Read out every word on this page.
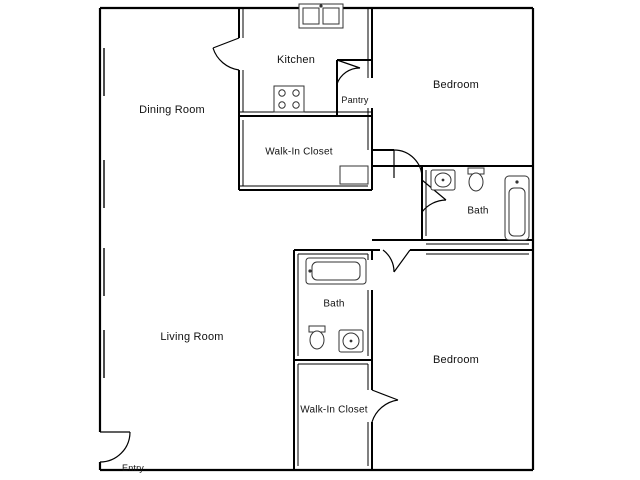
Dining Room
Kitchen
Pantry
Bedroom
Walk-In Closet
Bath
Living Room
Bath
Walk-In Closet
Bedroom
Entry
